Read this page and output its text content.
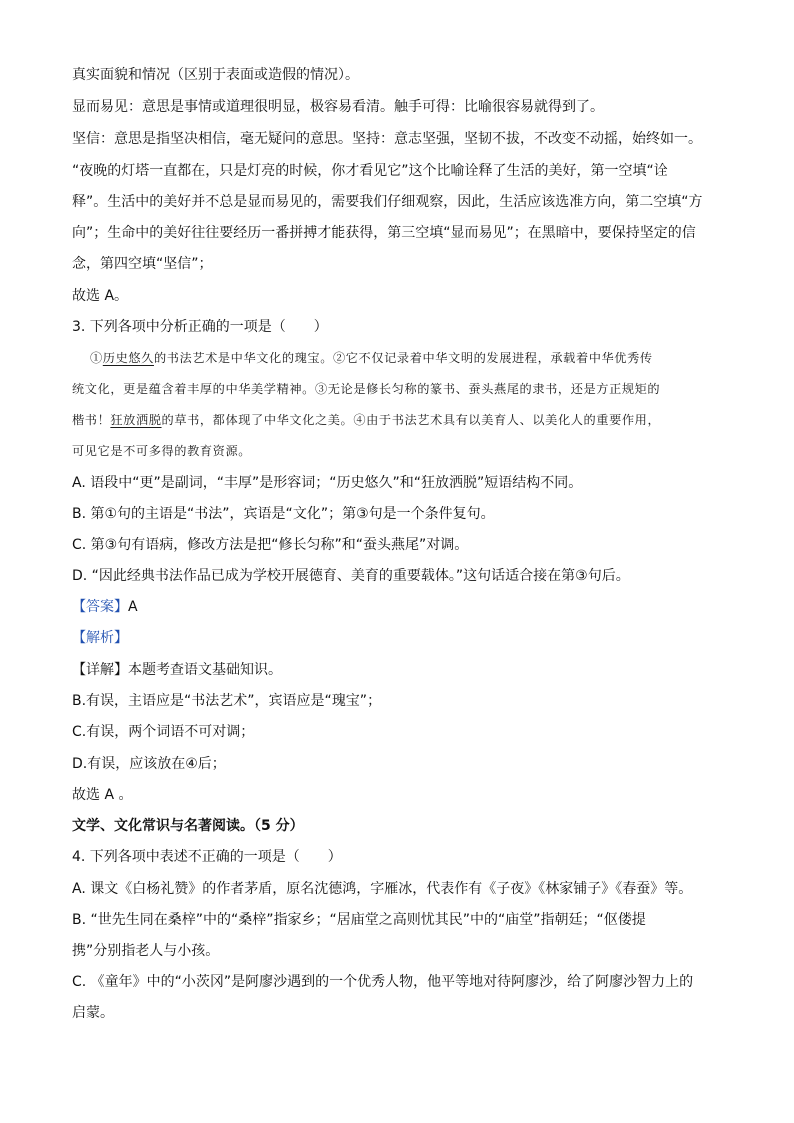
真实面貌和情况（区别于表面或造假的情况）。
显而易见：意思是事情或道理很明显，极容易看清。触手可得：比喻很容易就得到了。
坚信：意思是指坚决相信，毫无疑问的意思。坚持：意志坚强，坚韧不拔，不改变不动摇，始终如一。
“夜晚的灯塔一直都在，只是灯亮的时候，你才看见它”这个比喻诠释了生活的美好，第一空填“诠
释”。生活中的美好并不总是显而易见的，需要我们仔细观察，因此，生活应该选准方向，第二空填“方
向”；生命中的美好往往要经历一番拼搏才能获得，第三空填“显而易见”；在黑暗中，要保持坚定的信
念，第四空填“坚信”；
故选 A。
3. 下列各项中分析正确的一项是（　　）
①历史悠久的书法艺术是中华文化的瑰宝。②它不仅记录着中华文明的发展进程，承载着中华优秀传
统文化，更是蕴含着丰厚的中华美学精神。③无论是修长匀称的篆书、蚕头燕尾的隶书，还是方正规矩的
楷书！狂放洒脱的草书，都体现了中华文化之美。④由于书法艺术具有以美育人、以美化人的重要作用，
可见它是不可多得的教育资源。
A. 语段中“更”是副词，“丰厚”是形容词；“历史悠久”和“狂放洒脱”短语结构不同。
B. 第①句的主语是“书法”，宾语是“文化”；第③句是一个条件复句。
C. 第③句有语病，修改方法是把“修长匀称”和“蚕头燕尾”对调。
D. “因此经典书法作品已成为学校开展德育、美育的重要载体。”这句话适合接在第③句后。
【答案】A
【解析】
【详解】本题考查语文基础知识。
B.有误，主语应是“书法艺术”，宾语应是“瑰宝”；
C.有误，两个词语不可对调；
D.有误，应该放在④后；
故选 A 。
文学、文化常识与名著阅读。（5 分）
4. 下列各项中表述不正确的一项是（　　）
A. 课文《白杨礼赞》的作者茅盾，原名沈德鸿，字雁冰，代表作有《子夜》《林家铺子》《春蚕》等。
B. “世先生同在桑梓”中的“桑梓”指家乡；“居庙堂之高则忧其民”中的“庙堂”指朝廷；“伛偻提
携”分别指老人与小孩。
C. 《童年》中的“小茨冈”是阿廖沙遇到的一个优秀人物，他平等地对待阿廖沙，给了阿廖沙智力上的
启蒙。
